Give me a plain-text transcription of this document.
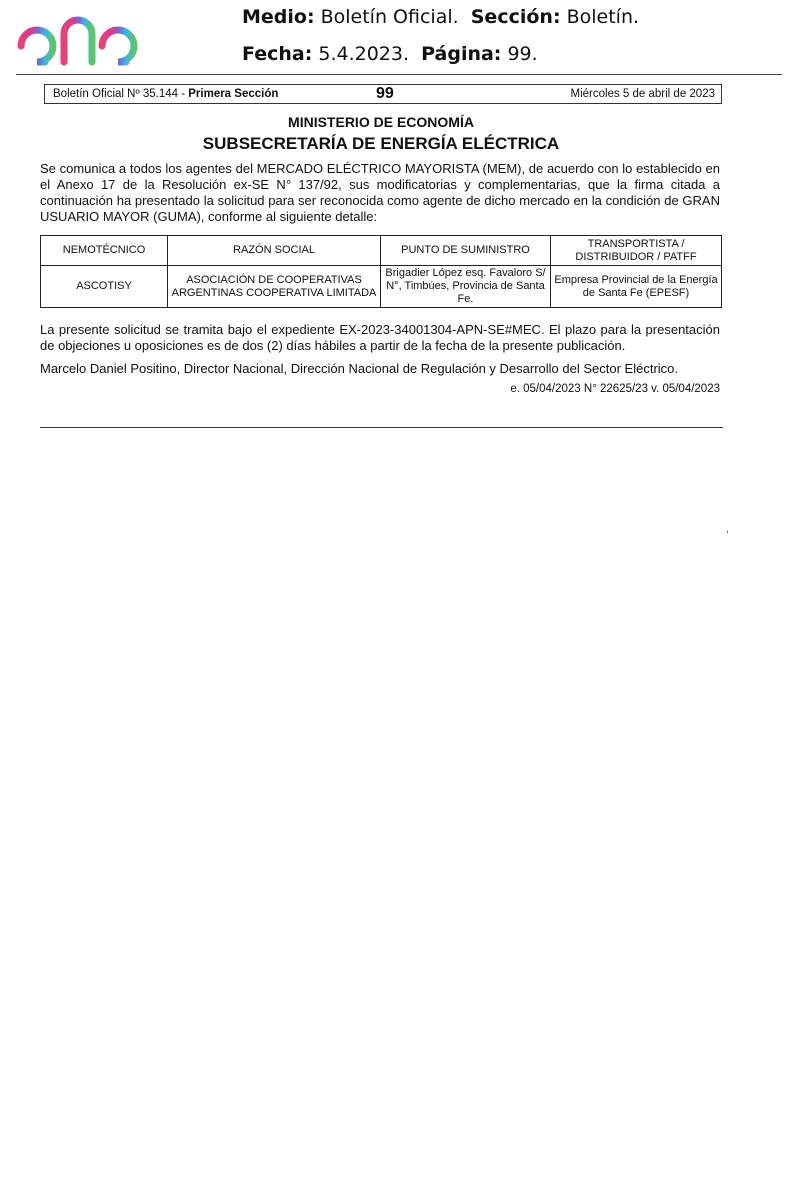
Medio: Boletín Oficial. Sección: Boletín.
Fecha: 5.4.2023. Página: 99.
Boletín Oficial Nº 35.144 - Primera Sección	99	Miércoles 5 de abril de 2023
MINISTERIO DE ECONOMÍA
SUBSECRETARÍA DE ENERGÍA ELÉCTRICA
Se comunica a todos los agentes del MERCADO ELÉCTRICO MAYORISTA (MEM), de acuerdo con lo establecido en el Anexo 17 de la Resolución ex-SE N° 137/92, sus modificatorias y complementarias, que la firma citada a continuación ha presentado la solicitud para ser reconocida como agente de dicho mercado en la condición de GRAN USUARIO MAYOR (GUMA), conforme al siguiente detalle:
NEMOTÉCNICO	RAZÓN SOCIAL	PUNTO DE SUMINISTRO	TRANSPORTISTA / DISTRIBUIDOR / PATFF
ASCOTISY	ASOCIACIÓN DE COOPERATIVAS ARGENTINAS COOPERATIVA LIMITADA	Brigadier López esq. Favaloro S/ N°, Timbúes, Provincia de Santa Fe.	Empresa Provincial de la Energía de Santa Fe (EPESF)
La presente solicitud se tramita bajo el expediente EX-2023-34001304-APN-SE#MEC. El plazo para la presentación de objeciones u oposiciones es de dos (2) días hábiles a partir de la fecha de la presente publicación.
Marcelo Daniel Positino, Director Nacional, Dirección Nacional de Regulación y Desarrollo del Sector Eléctrico.
e. 05/04/2023 N° 22625/23 v. 05/04/2023
,
